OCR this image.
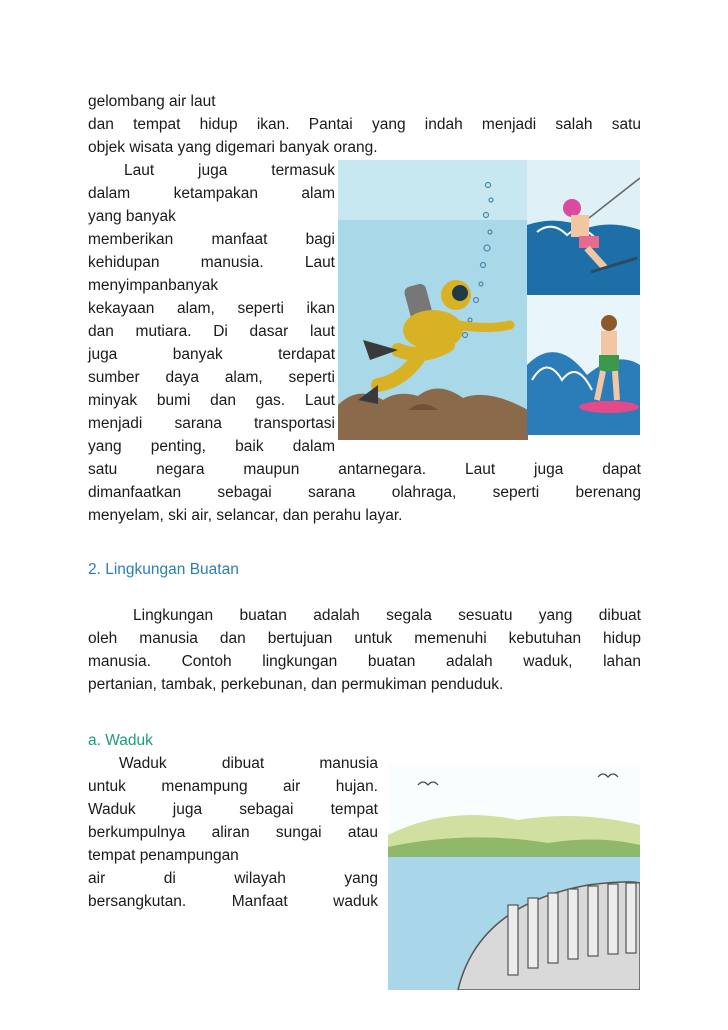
gelombang air laut
dan tempat hidup ikan. Pantai yang indah menjadi salah satu
objek wisata yang digemari banyak orang.
Laut juga termasuk
dalam ketampakan alam
yang banyak
memberikan manfaat bagi
kehidupan manusia. Laut
menyimpanbanyak
kekayaan alam, seperti ikan
dan mutiara. Di dasar laut
juga banyak terdapat
sumber daya alam, seperti
minyak bumi dan gas. Laut
menjadi sarana transportasi
yang penting, baik dalam
satu negara maupun antarnegara. Laut juga dapat
dimanfaatkan sebagai sarana olahraga, seperti berenang
menyelam, ski air, selancar, dan perahu layar.
2. Lingkungan Buatan
Lingkungan buatan adalah segala sesuatu yang dibuat
oleh manusia dan bertujuan untuk memenuhi kebutuhan hidup
manusia. Contoh lingkungan buatan adalah waduk, lahan
pertanian, tambak, perkebunan, dan permukiman penduduk.
a. Waduk
Waduk dibuat manusia
untuk menampung air hujan.
Waduk juga sebagai tempat
berkumpulnya aliran sungai atau
tempat penampungan
air di wilayah yang
bersangkutan. Manfaat waduk
